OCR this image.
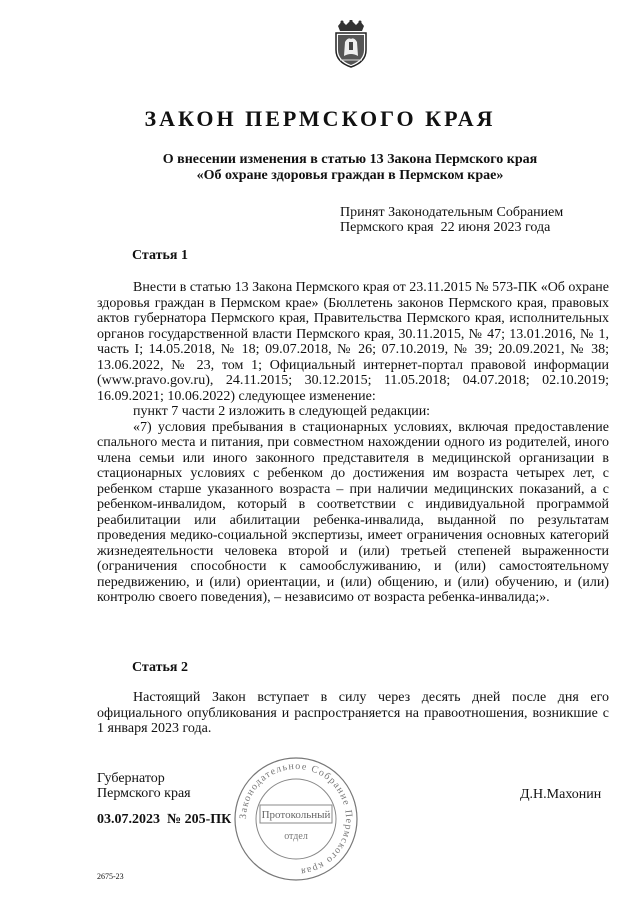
ЗАКОН ПЕРМСКОГО КРАЯ
О внесении изменения в статью 13 Закона Пермского края
«Об охране здоровья граждан в Пермском крае»
Принят Законодательным Собранием
Пермского края  22 июня 2023 года
Статья 1

Внести в статью 13 Закона Пермского края от 23.11.2015 № 573-ПК «Об охране здоровья граждан в Пермском крае» (Бюллетень законов Пермского края, правовых актов губернатора Пермского края, Правительства Пермского края, исполнительных органов государственной власти Пермского края, 30.11.2015, № 47; 13.01.2016, № 1, часть I; 14.05.2018, № 18; 09.07.2018, № 26; 07.10.2019, № 39; 20.09.2021, № 38; 13.06.2022, № 23, том 1; Официальный интернет-портал правовой информации (www.pravo.gov.ru), 24.11.2015; 30.12.2015; 11.05.2018; 04.07.2018; 02.10.2019; 16.09.2021; 10.06.2022) следующее изменение:

пункт 7 части 2 изложить в следующей редакции:

«7) условия пребывания в стационарных условиях, включая предоставление спального места и питания, при совместном нахождении одного из родителей, иного члена семьи или иного законного представителя в медицинской организации в стационарных условиях с ребенком до достижения им возраста четырех лет, с ребенком старше указанного возраста – при наличии медицинских показаний, а с ребенком-инвалидом, который в соответствии с индивидуальной программой реабилитации или абилитации ребенка-инвалида, выданной по результатам проведения медико-социальной экспертизы, имеет ограничения основных категорий жизнедеятельности человека второй и (или) третьей степеней выраженности (ограничения способности к самообслуживанию, и (или) самостоятельному передвижению, и (или) ориентации, и (или) общению, и (или) обучению, и (или) контролю своего поведения), – независимо от возраста ребенка-инвалида;».

Статья 2

Настоящий Закон вступает в силу через десять дней после дня его официального опубликования и распространяется на правоотношения, возникшие с 1 января 2023 года.

Губернатор
Пермского края	Д.Н.Махонин
03.07.2023  № 205-ПК Законодательное Собрание Пермского края
Протокольный
отдел
2675-23
